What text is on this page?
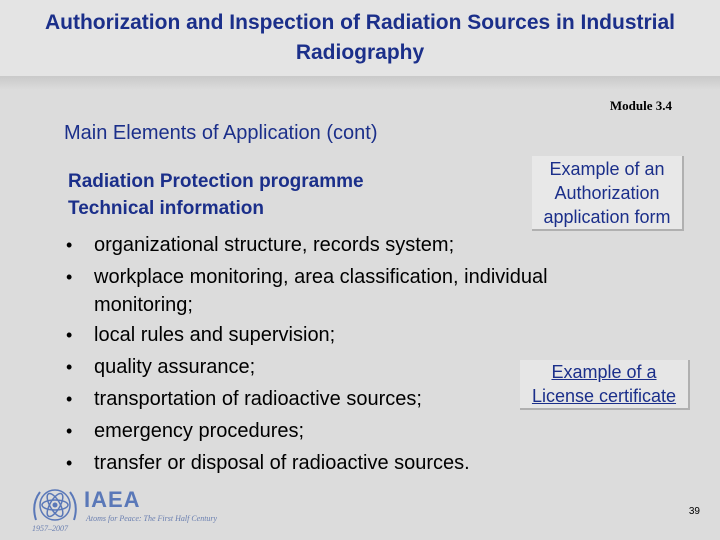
Authorization and Inspection of Radiation Sources in Industrial Radiography
Module 3.4
Main Elements of Application (cont)
Radiation Protection programme
Technical information
Example of an
Authorization
application form
• organizational structure, records system;
• workplace monitoring, area classification, individual monitoring;
• local rules and supervision;
• quality assurance;
• transportation of radioactive sources;
• emergency procedures;
• transfer or disposal of radioactive sources.
Example of a
License certificate
IAEA
Atoms for Peace: The First Half Century
1957–2007
39
